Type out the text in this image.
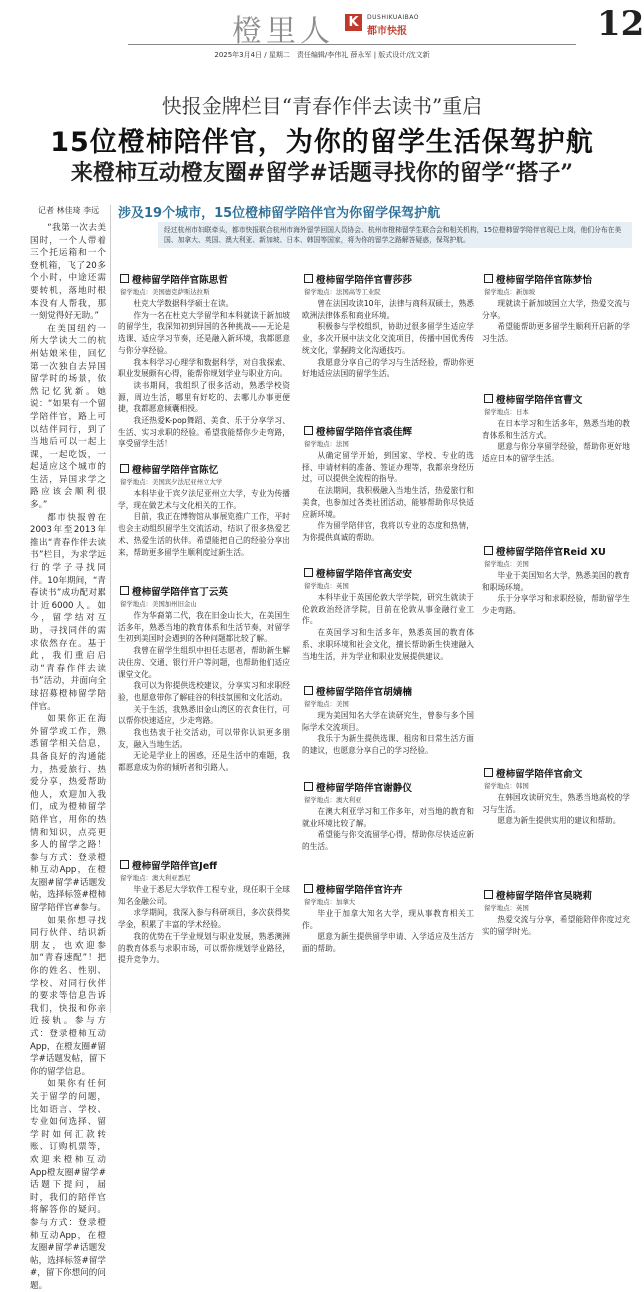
橙里人 K	DUSHIKUAIBAO
都市快报	12
2025年3月4日 / 星期二　责任编辑/李伟礼 薛永军 | 版式设计/沈文新
快报金牌栏目“青春作伴去读书”重启
15位橙柿陪伴官，为你的留学生活保驾护航
来橙柿互动橙友圈#留学#话题寻找你的留学“搭子”
记者 林佳琦 李远

“我第一次去美国时，一个人带着三个托运箱和一个登机箱，飞了20多个小时，中途还需要转机，落地时根本没有人帮我，那一刻觉得好无助。”

在美国纽约一所大学读大二的杭州姑娘米佳，回忆第一次独自去异国留学时的场景，依然记忆犹新。她说：“如果有一个留学陪伴官，路上可以结伴同行，到了当地后可以一起上课，一起吃饭，一起适应这个城市的生活，异国求学之路应该会顺利很多。”

都市快报曾在2003年至2013年推出“青春作伴去读书”栏目，为求学远行的学子寻找同伴。10年期间，“青春读书”成功配对累计近6000人。如今，留学结对互助，寻找同伴的需求依然存在。基于此，我们重启启动“青春作伴去读书”活动，并面向全球招募橙柿留学陪伴官。

如果你正在海外留学或工作，熟悉留学相关信息，具备良好的沟通能力，热爱旅行、热爱分享，热爱帮助他人，欢迎加入我们，成为橙柿留学陪伴官，用你的热情和知识，点亮更多人的留学之路！参与方式：登录橙柿互动App，在橙友圈#留学#话题发帖，选择标签#橙柿留学陪伴官#参与。

如果你想寻找同行伙伴、结识新朋友，也欢迎参加“青春速配”！把你的姓名、性别、学校、对同行伙伴的要求等信息告诉我们，快报和你亲近接轨。参与方式：登录橙柿互动App，在橙友圈#留学#话题发帖，留下你的留学信息。

如果你有任何关于留学的问题，比如语言、学校、专业如何选择、留学时如何汇款转账、订购机票等，欢迎来橙柿互动App橙友圈#留学#话题下提问，届时，我们的陪伴官将解答你的疑问。参与方式：登录橙柿互动App，在橙友圈#留学#话题发帖，选择标签#留学#，留下你想问的问题。

涉及19个城市，15位橙柿留学陪伴官为你留学保驾护航
经过杭州市妇联牵头，都市快报联合杭州市海外留学回国人员协会、杭州市橙柿留学生联合会和相关机构，15位橙柿留学陪伴官现已上岗，他们分布在美国、加拿大、英国、澳大利亚、新加坡、日本、韩国等国家，将为你的留学之路解答疑惑，保驾护航。
橙柿留学陪伴官陈思哲
留学地点：美国德克萨斯达拉斯

杜克大学数据科学硕士在读。

作为一名在杜克大学留学和本科就读于新加坡的留学生，我深知初到异国的各种挑战——无论是选课、适应学习节奏，还是融入新环境，我都愿意与你分享经验。

我本科学习心理学和数据科学，对自我探索、职业发展颇有心得，能帮你规划学业与职业方向。

读书期间，我组织了很多活动，熟悉学校资源，周边生活，哪里有好吃的、去哪儿办事更便捷，我都愿意倾囊相授。

我还热爱K-pop舞蹈、美食、乐于分享学习、生活、实习求职的经验。希望我能帮你少走弯路，享受留学生活！

橙柿留学陪伴官陈忆
留学地点：美国宾夕法尼亚州立大学

本科毕业于宾夕法尼亚州立大学，专业为传播学，现在做艺术与文化相关的工作。

目前，我正在博物馆从事展览推广工作，平时也会主动组织留学生交流活动，结识了很多热爱艺术、热爱生活的伙伴。希望能把自己的经验分享出来，帮助更多留学生顺利度过新生活。

橙柿留学陪伴官丁云英
留学地点：美国加州旧金山

作为华裔第二代，我在旧金山长大，在美国生活多年，熟悉当地的教育体系和生活节奏，对留学生初到美国时会遇到的各种问题都比较了解。

我曾在留学生组织中担任志愿者，帮助新生解决住房、交通、银行开户等问题，也帮助他们适应课堂文化。

我可以为你提供选校建议，分享实习和求职经验，也愿意带你了解硅谷的科技氛围和文化活动。

关于生活，我熟悉旧金山湾区的衣食住行，可以帮你快速适应，少走弯路。

我也热衷于社交活动，可以带你认识更多朋友，融入当地生活。

无论是学业上的困惑，还是生活中的难题，我都愿意成为你的倾听者和引路人。

橙柿留学陪伴官Jeff
留学地点：澳大利亚悉尼

毕业于悉尼大学软件工程专业，现任职于全球知名金融公司。

求学期间，我深入参与科研项目，多次获得奖学金，积累了丰富的学术经验。

我的优势在于学业规划与职业发展，熟悉澳洲的教育体系与求职市场，可以帮你规划学业路径，提升竞争力。

橙柿留学陪伴官曹莎莎
留学地点：法国高等工业院

曾在法国攻读10年，法律与商科双硕士，熟悉欧洲法律体系和商业环境。

积极参与学校组织，协助过很多留学生适应学业，多次开展中法文化交流项目，传播中国优秀传统文化，掌握跨文化沟通技巧。

我愿意分享自己的学习与生活经验，帮助你更好地适应法国的留学生活。

橙柿留学陪伴官裘佳辉
留学地点：法国

从确定留学开始，到国家、学校、专业的选择、申请材料的准备、签证办理等，我都亲身经历过，可以提供全流程的指导。

在法期间，我积极融入当地生活，热爱旅行和美食，也参加过各类社团活动，能够帮助你尽快适应新环境。

作为留学陪伴官，我将以专业的态度和热情，为你提供真诚的帮助。

橙柿留学陪伴官高安安
留学地点：英国

本科毕业于英国伦敦大学学院，研究生就读于伦敦政治经济学院，目前在伦敦从事金融行业工作。

在英国学习和生活多年，熟悉英国的教育体系、求职环境和社会文化，擅长帮助新生快速融入当地生活，并为学业和职业发展提供建议。

橙柿留学陪伴官胡婧楠
留学地点：美国

现为美国知名大学在读研究生，曾参与多个国际学术交流项目。

我乐于为新生提供选课、租房和日常生活方面的建议，也愿意分享自己的学习经验。

橙柿留学陪伴官谢静仪
留学地点：澳大利亚

在澳大利亚学习和工作多年，对当地的教育和就业环境比较了解。

希望能与你交流留学心得，帮助你尽快适应新的生活。

橙柿留学陪伴官许卉
留学地点：加拿大

毕业于加拿大知名大学，现从事教育相关工作。

愿意为新生提供留学申请、入学适应及生活方面的帮助。

橙柿留学陪伴官陈梦怡
留学地点：新加坡

现就读于新加坡国立大学，热爱交流与分享。

希望能帮助更多留学生顺利开启新的学习生活。

橙柿留学陪伴官曹文
留学地点：日本

在日本学习和生活多年，熟悉当地的教育体系和生活方式。

愿意与你分享留学经验，帮助你更好地适应日本的留学生活。

橙柿留学陪伴官Reid XU
留学地点：美国

毕业于美国知名大学，熟悉美国的教育和职场环境。

乐于分享学习和求职经验，帮助留学生少走弯路。

橙柿留学陪伴官俞文
留学地点：韩国

在韩国攻读研究生，熟悉当地高校的学习与生活。

愿意为新生提供实用的建议和帮助。

橙柿留学陪伴官吴晓莉
留学地点：英国

热爱交流与分享，希望能陪伴你度过充实的留学时光。
